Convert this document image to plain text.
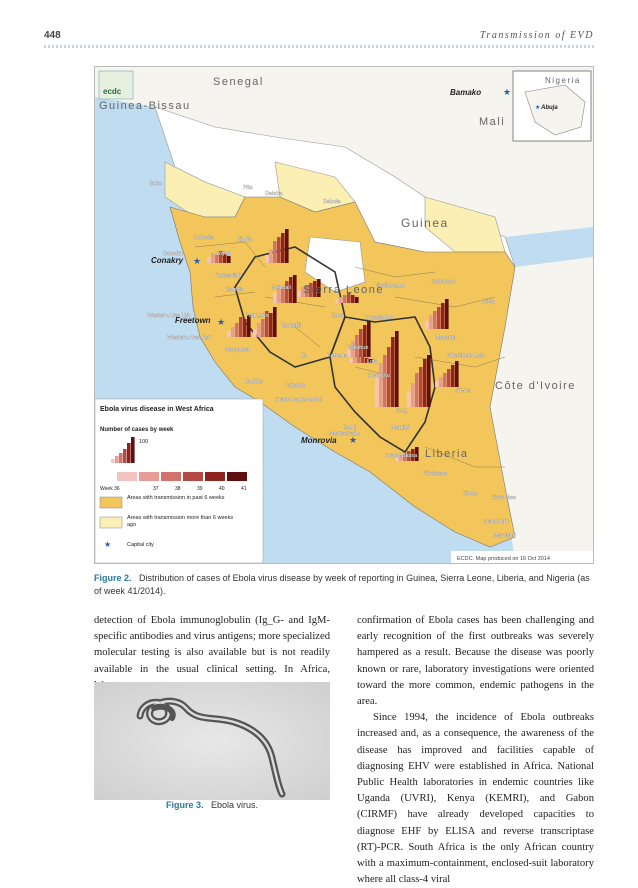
448	Transmission of EVD
ecdc
Senegal
Guinea-Bissau
Mali
Guinea
Sierra Leone
Liberia
Côte d'Ivoire
Nigeria
Bamako
Abuja
Conakry
Freetown
Monrovia
★
★
★
★
★
Boke
Pita
Dalaba
Dabola
Dubreka	Kindia
Conakry	Coyah
Forecariah
Kambia	Bombali
Port Loko
Tonkolili
Western Area Urb
Western Area Rur
Moyamba
Bo	Kenema
Kono
Kailahun
Kissidougou
Gueckedou
Kerouane
Beyla
Macenta
Nzerekore Lola
Lofa
Gbarpolu
Bong
Nimba
Margibi
Bomi
Montserrado
Pujehun
Bonthe
Grand Cape Mount
Grand Bassa
Rivercess
Sinoe
River Gee
Grand Kru
Maryland
Ebola virus disease in West Africa
Number of cases by week
100
Week 36	37	38	39	40	41
Areas with transmission in past 6 weeks
Areas with transmission more than 6 weeks ago
★	Capital city
ECDC. Map produced on 16 Oct 2014
Figure 2. Distribution of cases of Ebola virus disease by week of reporting in Guinea, Sierra Leone, Liberia, and Nigeria (as of week 41/2014).

detection of Ebola immunoglobulin (Ig_G- and IgM-specific antibodies and virus antigens; more specialized molecular testing is also available but is not readily available in the usual clinical setting. In Africa,

Figure 3. Ebola virus.

confirmation of Ebola cases has been challenging and early recognition of the first outbreaks was severely hampered as a result. Because the disease was poorly known or rare, laboratory investigations were oriented toward the more common, endemic pathogens in the area.

Since 1994, the incidence of Ebola outbreaks increased and, as a consequence, the awareness of the disease has improved and facilities capable of diagnosing EHV were established in Africa. National Public Health laboratories in endemic countries like Uganda (UVRI), Kenya (KEMRI), and Gabon (CIRMF) have already developed capacities to diagnose EHF by ELISA and reverse transcriptase (RT)-PCR. South Africa is the only African country with a maximum-containment, enclosed-suit laboratory where all class-4 viral
